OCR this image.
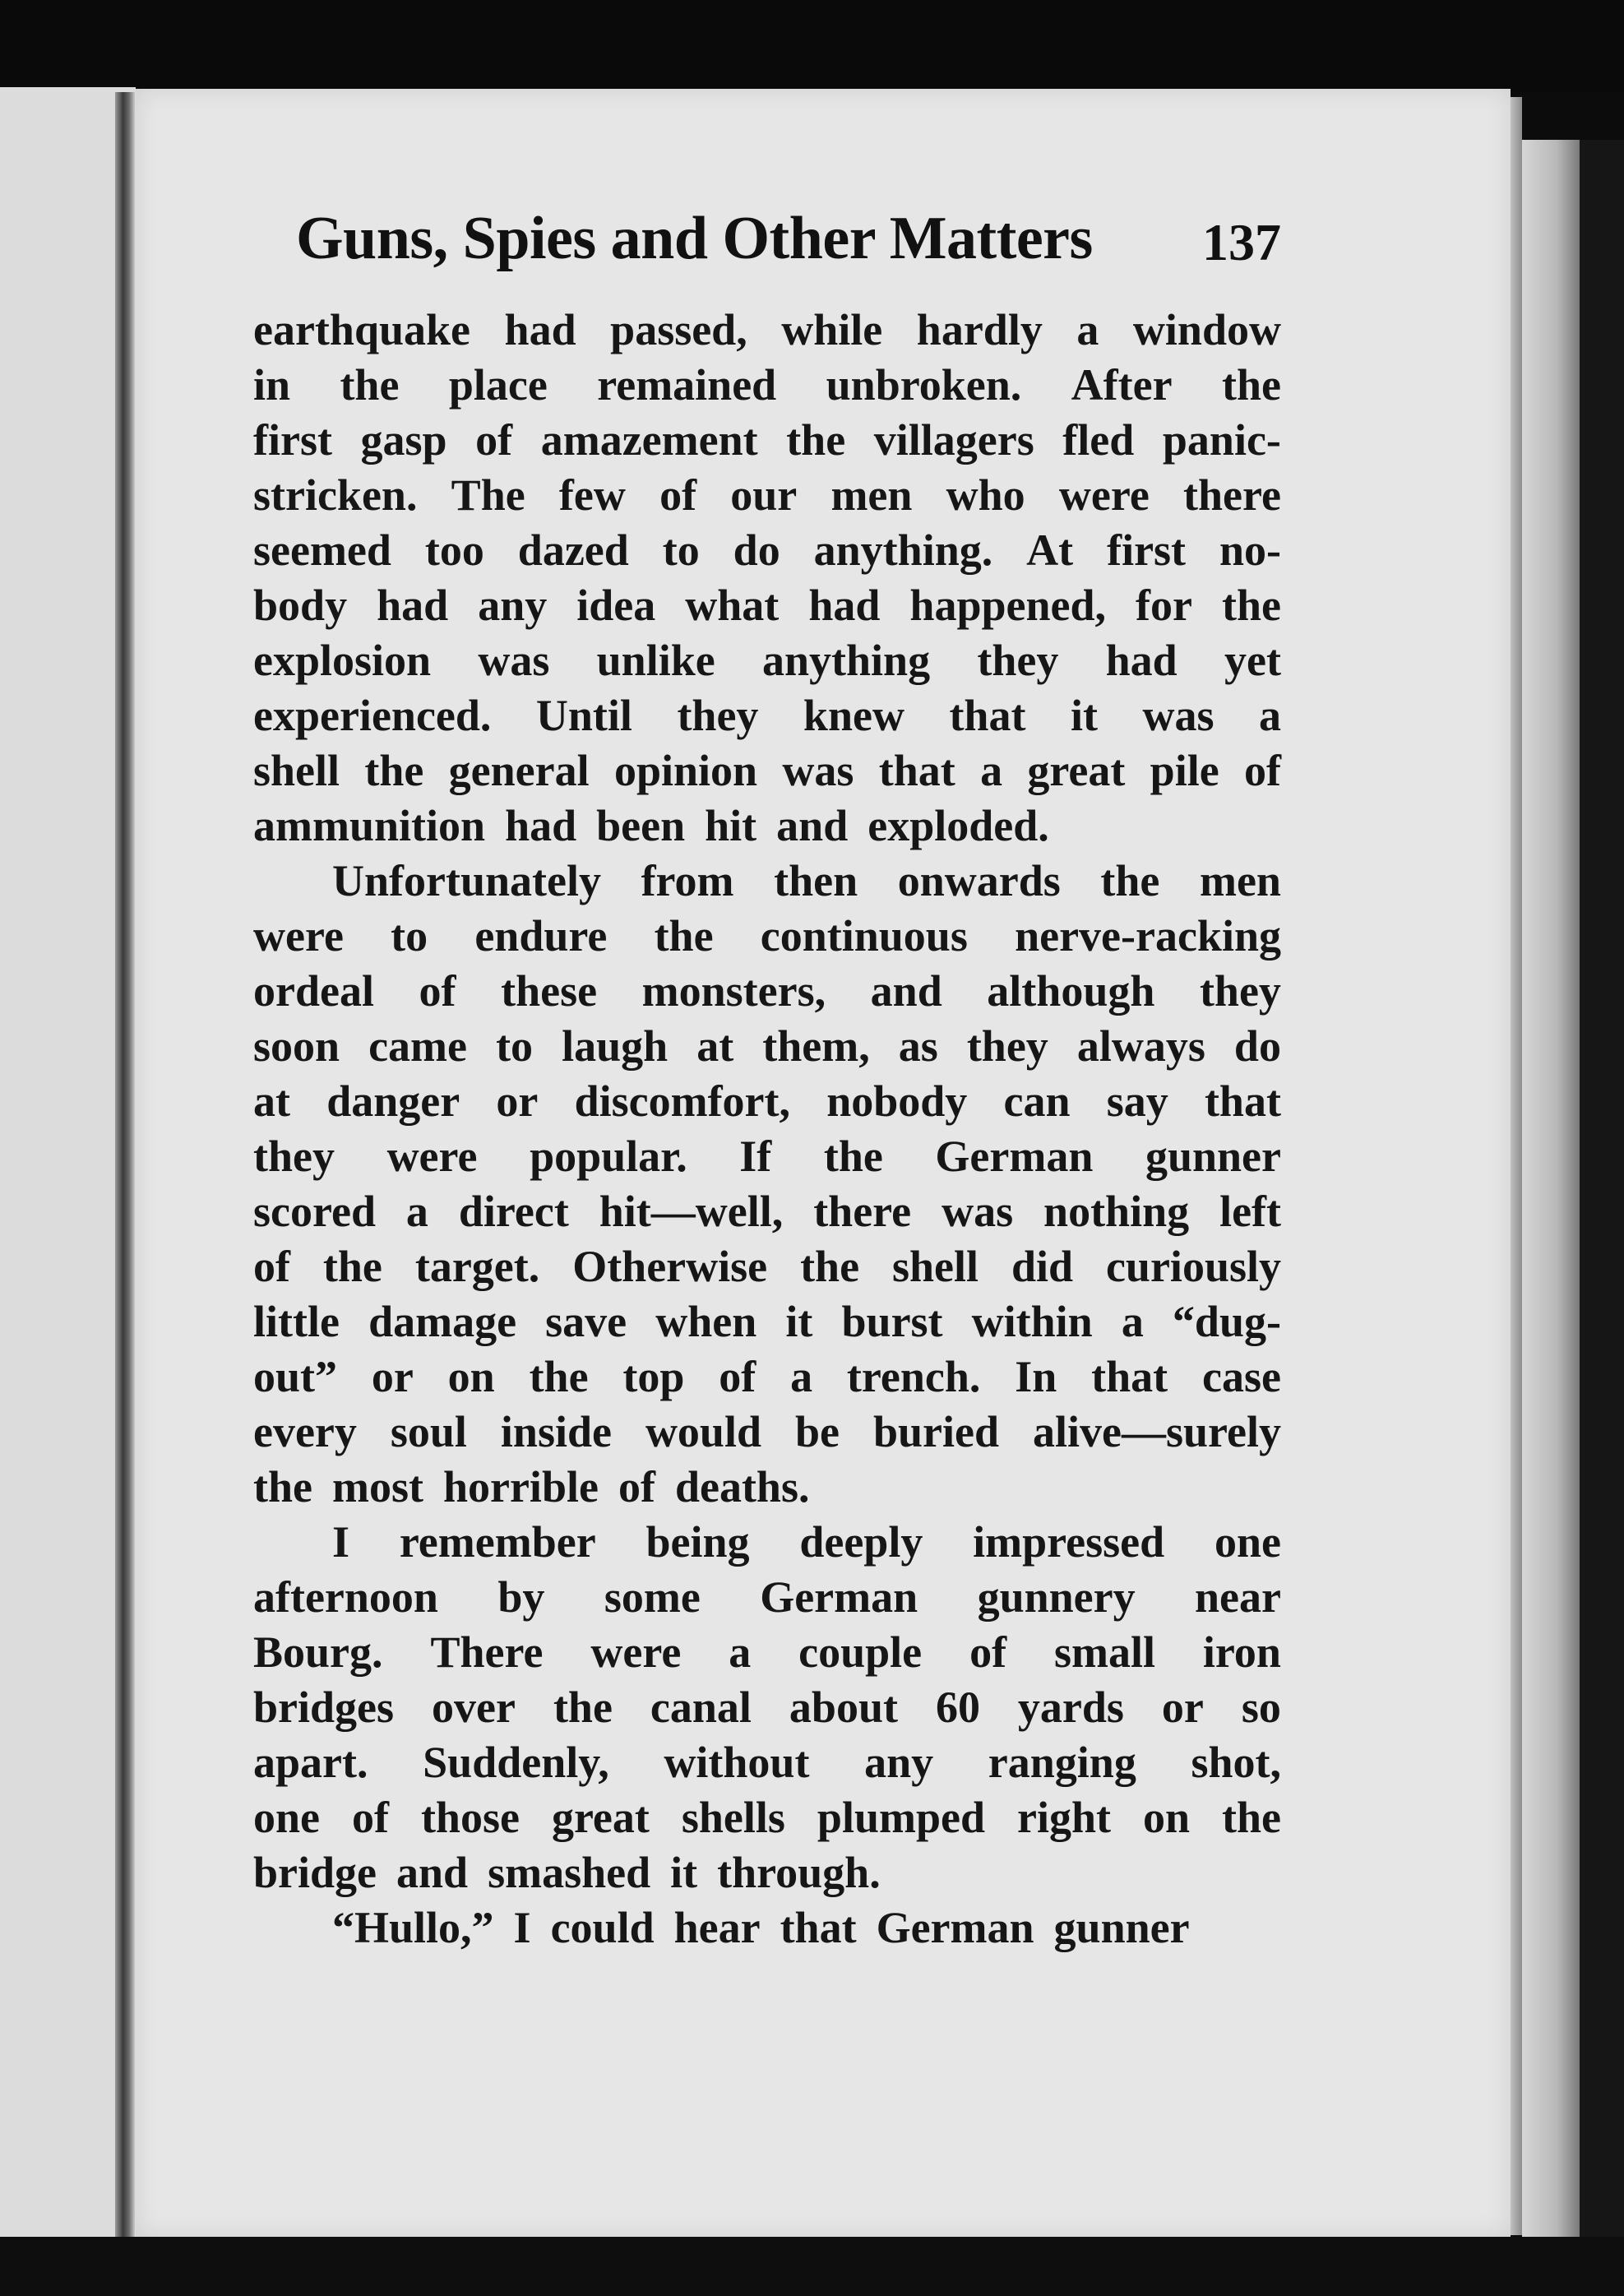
Guns, Spies and Other Matters 137
earthquake had passed, while hardly a window
in the place remained unbroken. After the
first gasp of amazement the villagers fled panic-
stricken. The few of our men who were there
seemed too dazed to do anything. At first no-
body had any idea what had happened, for the
explosion was unlike anything they had yet
experienced. Until they knew that it was a
shell the general opinion was that a great pile of
ammunition had been hit and exploded.
Unfortunately from then onwards the men
were to endure the continuous nerve-racking
ordeal of these monsters, and although they
soon came to laugh at them, as they always do
at danger or discomfort, nobody can say that
they were popular. If the German gunner
scored a direct hit—well, there was nothing left
of the target. Otherwise the shell did curiously
little damage save when it burst within a “dug-
out” or on the top of a trench. In that case
every soul inside would be buried alive—surely
the most horrible of deaths.
I remember being deeply impressed one
afternoon by some German gunnery near
Bourg. There were a couple of small iron
bridges over the canal about 60 yards or so
apart. Suddenly, without any ranging shot,
one of those great shells plumped right on the
bridge and smashed it through.
“Hullo,” I could hear that German gunner
